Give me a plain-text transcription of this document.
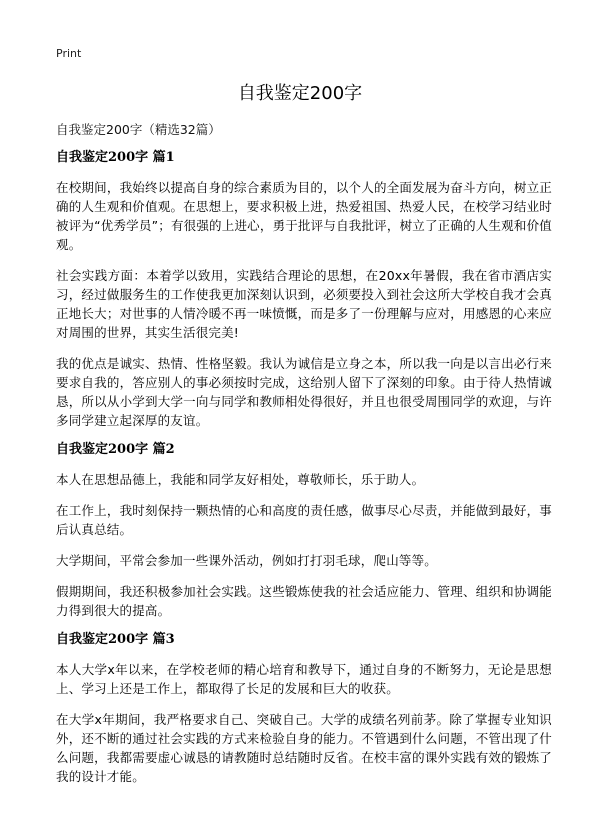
Print
自我鉴定200字
自我鉴定200字（精选32篇）
自我鉴定200字 篇1

在校期间，我始终以提高自身的综合素质为目的，以个人的全面发展为奋斗方向，树立正确的人生观和价值观。在思想上，要求积极上进，热爱祖国、热爱人民，在校学习结业时被评为“优秀学员”；有很强的上进心，勇于批评与自我批评，树立了正确的人生观和价值观。

社会实践方面：本着学以致用，实践结合理论的思想，在20xx年暑假，我在省市酒店实习，经过做服务生的工作使我更加深刻认识到，必须要投入到社会这所大学校自我才会真正地长大；对世事的人情冷暖不再一味愤慨，而是多了一份理解与应对，用感恩的心来应对周围的世界，其实生活很完美!

我的优点是诚实、热情、性格坚毅。我认为诚信是立身之本，所以我一向是以言出必行来要求自我的，答应别人的事必须按时完成，这给别人留下了深刻的印象。由于待人热情诚恳，所以从小学到大学一向与同学和教师相处得很好，并且也很受周围同学的欢迎，与许多同学建立起深厚的友谊。

自我鉴定200字 篇2

本人在思想品德上，我能和同学友好相处，尊敬师长，乐于助人。

在工作上，我时刻保持一颗热情的心和高度的责任感，做事尽心尽责，并能做到最好，事后认真总结。

大学期间，平常会参加一些课外活动，例如打打羽毛球，爬山等等。

假期期间，我还积极参加社会实践。这些锻炼使我的社会适应能力、管理、组织和协调能力得到很大的提高。

自我鉴定200字 篇3

本人大学x年以来，在学校老师的精心培育和教导下，通过自身的不断努力，无论是思想上、学习上还是工作上，都取得了长足的发展和巨大的收获。

在大学x年期间，我严格要求自己、突破自己。大学的成绩名列前茅。除了掌握专业知识外，还不断的通过社会实践的方式来检验自身的能力。不管遇到什么问题，不管出现了什么问题，我都需要虚心诚恳的请教随时总结随时反省。在校丰富的课外实践有效的锻炼了我的设计才能。
